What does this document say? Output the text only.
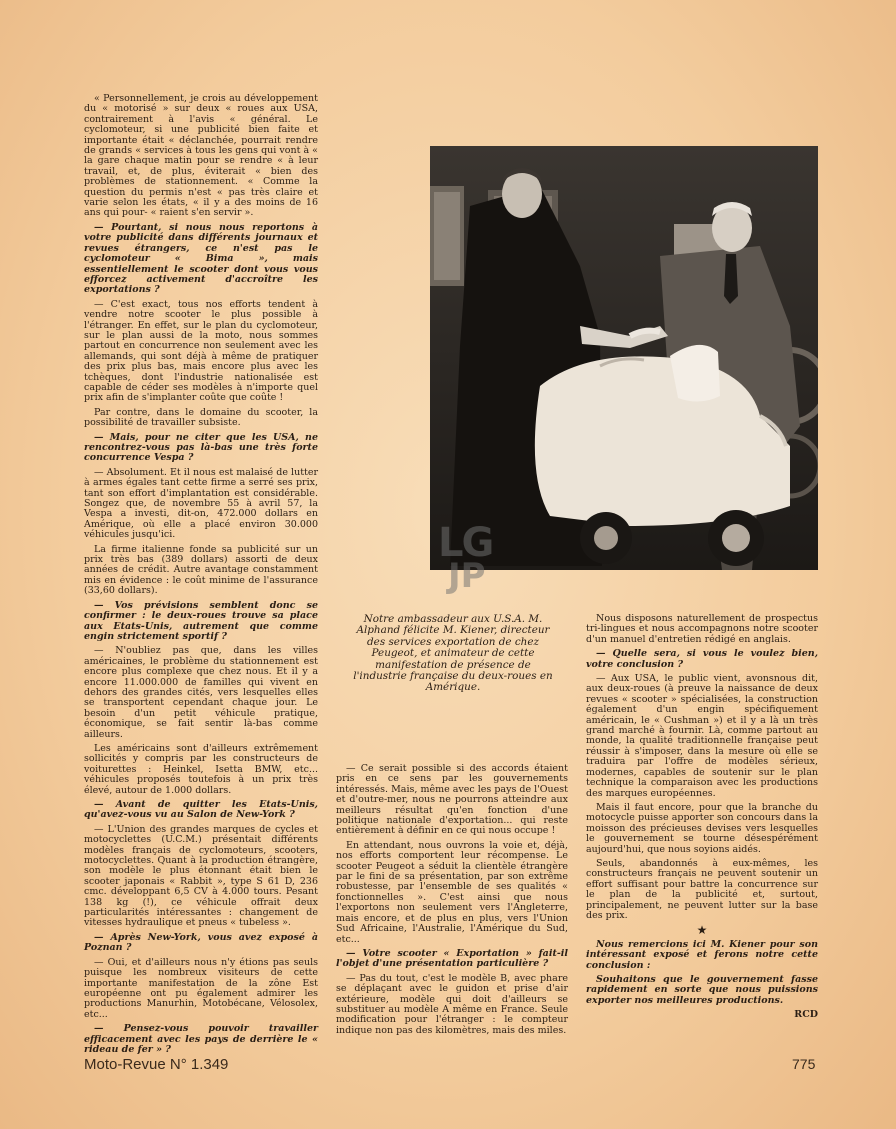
« Personnellement, je crois au développement du « motorisé » sur deux « roues aux USA, contrairement à l'avis « général. Le cyclomoteur, si une publicité bien faite et importante était « déclanchée, pourrait rendre de grands « services à tous les gens qui vont à « la gare chaque matin pour se rendre « à leur travail, et, de plus, éviterait « bien des problèmes de stationnement. « Comme la question du permis n'est « pas très claire et varie selon les états, « il y a des moins de 16 ans qui pour- « raient s'en servir ».

— Pourtant, si nous nous reportons à votre publicité dans différents journaux et revues étrangers, ce n'est pas le cyclomoteur « Bima », mais essentiellement le scooter dont vous vous efforcez activement d'accroître les exportations ?

— C'est exact, tous nos efforts tendent à vendre notre scooter le plus possible à l'étranger. En effet, sur le plan du cyclomoteur, sur le plan aussi de la moto, nous sommes partout en concurrence non seulement avec les allemands, qui sont déjà à même de pratiquer des prix plus bas, mais encore plus avec les tchèques, dont l'industrie nationalisée est capable de céder ses modèles à n'importe quel prix afin de s'implanter coûte que coûte !

Par contre, dans le domaine du scooter, la possibilité de travailler subsiste.

— Mais, pour ne citer que les USA, ne rencontrez-vous pas là-bas une très forte concurrence Vespa ?

— Absolument. Et il nous est malaisé de lutter à armes égales tant cette firme a serré ses prix, tant son effort d'implantation est considérable. Songez que, de novembre 55 à avril 57, la Vespa a investi, dit-on, 472.000 dollars en Amérique, où elle a placé environ 30.000 véhicules jusqu'ici.

La firme italienne fonde sa publicité sur un prix très bas (389 dollars) assorti de deux années de crédit. Autre avantage constamment mis en évidence : le coût minime de l'assurance (33,60 dollars).

— Vos prévisions semblent donc se confirmer : le deux-roues trouve sa place aux Etats-Unis, autrement que comme engin strictement sportif ?

— N'oubliez pas que, dans les villes américaines, le problème du stationnement est encore plus complexe que chez nous. Et il y a encore 11.000.000 de familles qui vivent en dehors des grandes cités, vers lesquelles elles se transportent cependant chaque jour. Le besoin d'un petit véhicule pratique, économique, se fait sentir là-bas comme ailleurs.

Les américains sont d'ailleurs extrêmement sollicités y compris par les constructeurs de voiturettes : Heinkel, Isetta BMW, etc... véhicules proposés toutefois à un prix très élevé, autour de 1.000 dollars.

— Avant de quitter les Etats-Unis, qu'avez-vous vu au Salon de New-York ?

— L'Union des grandes marques de cycles et motocyclettes (U.C.M.) présentait différents modèles français de cyclomoteurs, scooters, motocyclettes. Quant à la production étrangère, son modèle le plus étonnant était bien le scooter japonais « Rabbit », type S 61 D, 236 cmc. développant 6,5 CV à 4.000 tours. Pesant 138 kg (!), ce véhicule offrait deux particularités intéressantes : changement de vitesses hydraulique et pneus « tubeless ».

— Après New-York, vous avez exposé à Poznan ?

— Oui, et d'ailleurs nous n'y étions pas seuls puisque les nombreux visiteurs de cette importante manifestation de la zône Est européenne ont pu également admirer les productions Manurhin, Motobécane, Vélosolex, etc...

— Pensez-vous pouvoir travailler efficacement avec les pays de derrière le « rideau de fer » ?

LG
JP
Notre ambassadeur aux U.S.A. M. Alphand félicite M. Kiener, directeur des services exportation de chez Peugeot, et animateur de cette manifestation de présence de l'industrie française du deux-roues en Amérique.

— Ce serait possible si des accords étaient pris en ce sens par les gouvernements intéressés. Mais, même avec les pays de l'Ouest et d'outre-mer, nous ne pourrons atteindre aux meilleurs résultat qu'en fonction d'une politique nationale d'exportation... qui reste entièrement à définir en ce qui nous occupe !

En attendant, nous ouvrons la voie et, déjà, nos efforts comportent leur récompense. Le scooter Peugeot a séduit la clientèle étrangère par le fini de sa présentation, par son extrême robustesse, par l'ensemble de ses qualités « fonctionnelles ». C'est ainsi que nous l'exportons non seulement vers l'Angleterre, mais encore, et de plus en plus, vers l'Union Sud Africaine, l'Australie, l'Amérique du Sud, etc...

— Votre scooter « Exportation » fait-il l'objet d'une présentation particulière ?

— Pas du tout, c'est le modèle B, avec phare se déplaçant avec le guidon et prise d'air extérieure, modèle qui doit d'ailleurs se substituer au modèle A même en France. Seule modification pour l'étranger : le compteur indique non pas des kilomètres, mais des miles.

Nous disposons naturellement de prospectus tri-lingues et nous accompagnons notre scooter d'un manuel d'entretien rédigé en anglais.

— Quelle sera, si vous le voulez bien, votre conclusion ?

— Aux USA, le public vient, avonsnous dit, aux deux-roues (à preuve la naissance de deux revues « scooter » spécialisées, la construction également d'un engin spécifiquement américain, le « Cushman ») et il y a là un très grand marché à fournir. Là, comme partout au monde, la qualité traditionnelle française peut réussir à s'imposer, dans la mesure où elle se traduira par l'offre de modèles sérieux, modernes, capables de soutenir sur le plan technique la comparaison avec les productions des marques européennes.

Mais il faut encore, pour que la branche du motocycle puisse apporter son concours dans la moisson des précieuses devises vers lesquelles le gouvernement se tourne désespérément aujourd'hui, que nous soyions aidés.

Seuls, abandonnés à eux-mêmes, les constructeurs français ne peuvent soutenir un effort suffisant pour battre la concurrence sur le plan de la publicité et, surtout, principalement, ne peuvent lutter sur la base des prix.

★

Nous remercions ici M. Kiener pour son intéressant exposé et ferons notre cette conclusion :

Souhaitons que le gouvernement fasse rapidement en sorte que nous puissions exporter nos meilleures productions.

RCD

Moto-Revue N° 1.349	775
